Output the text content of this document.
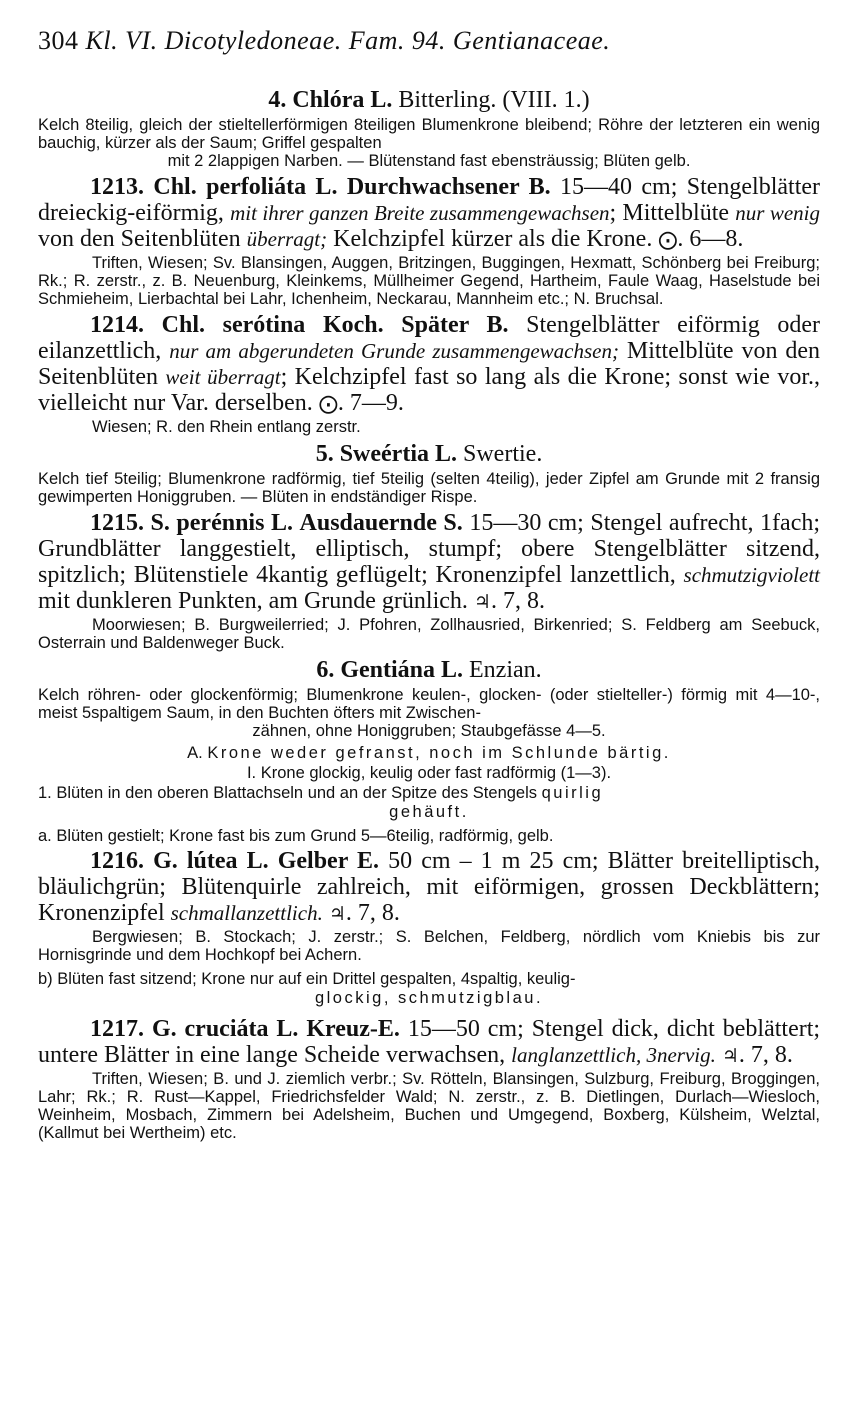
304 Kl. VI. Dicotyledoneae. Fam. 94. Gentianaceae.
4. Chlóra L. Bitterling. (VIII. 1.)
Kelch 8teilig, gleich der stieltellerförmigen 8teiligen Blumenkrone bleibend; Röhre der letzteren ein wenig bauchig, kürzer als der Saum; Griffel gespalten
mit 2 2lappigen Narben. — Blütenstand fast ebensträussig; Blüten gelb.
1213. Chl. perfoliáta L. Durchwachsener B. 15—40 cm; Stengelblätter dreieckig-eiförmig, mit ihrer ganzen Breite zusammengewachsen; Mittelblüte nur wenig von den Seitenblüten überragt; Kelchzipfel kürzer als die Krone. ⨀. 6—8.
Triften, Wiesen; Sv. Blansingen, Auggen, Britzingen, Buggingen, Hexmatt, Schönberg bei Freiburg; Rk.; R. zerstr., z. B. Neuenburg, Kleinkems, Müllheimer Gegend, Hartheim, Faule Waag, Haselstude bei Schmieheim, Lierbachtal bei Lahr, Ichenheim, Neckarau, Mannheim etc.; N. Bruchsal.
1214. Chl. serótina Koch. Später B. Stengelblätter eiförmig oder eilanzettlich, nur am abgerundeten Grunde zusammengewachsen; Mittelblüte von den Seitenblüten weit überragt; Kelchzipfel fast so lang als die Krone; sonst wie vor., vielleicht nur Var. derselben. ⨀. 7—9.
Wiesen; R. den Rhein entlang zerstr.
5. Sweértia L. Swertie.
Kelch tief 5teilig; Blumenkrone radförmig, tief 5teilig (selten 4teilig), jeder Zipfel am Grunde mit 2 fransig gewimperten Honiggruben. — Blüten in endständiger Rispe.
1215. S. perénnis L. Ausdauernde S. 15—30 cm; Stengel aufrecht, 1fach; Grundblätter langgestielt, elliptisch, stumpf; obere Stengelblätter sitzend, spitzlich; Blütenstiele 4kantig geflügelt; Kronenzipfel lanzettlich, schmutzigviolett mit dunkleren Punkten, am Grunde grünlich. ♃. 7, 8.
Moorwiesen; B. Burgweilerried; J. Pfohren, Zollhausried, Birkenried; S. Feldberg am Seebuck, Osterrain und Baldenweger Buck.
6. Gentiána L. Enzian.
Kelch röhren- oder glockenförmig; Blumenkrone keulen-, glocken- (oder stielteller-) förmig mit 4—10-, meist 5spaltigem Saum, in den Buchten öfters mit Zwischen-
zähnen, ohne Honiggruben; Staubgefässe 4—5.
A. Krone weder gefranst, noch im Schlunde bärtig.
I. Krone glockig, keulig oder fast radförmig (1—3).
1. Blüten in den oberen Blattachseln und an der Spitze des Stengels quirlig
gehäuft.
a. Blüten gestielt; Krone fast bis zum Grund 5—6teilig, radförmig, gelb.
1216. G. lútea L. Gelber E. 50 cm – 1 m 25 cm; Blätter breitelliptisch, bläulichgrün; Blütenquirle zahlreich, mit eiförmigen, grossen Deckblättern; Kronenzipfel schmallanzettlich. ♃. 7, 8.
Bergwiesen; B. Stockach; J. zerstr.; S. Belchen, Feldberg, nördlich vom Kniebis bis zur Hornisgrinde und dem Hochkopf bei Achern.
b) Blüten fast sitzend; Krone nur auf ein Drittel gespalten, 4spaltig, keulig-
glockig, schmutzigblau.
1217. G. cruciáta L. Kreuz-E. 15—50 cm; Stengel dick, dicht beblättert; untere Blätter in eine lange Scheide verwachsen, langlanzettlich, 3nervig. ♃. 7, 8.
Triften, Wiesen; B. und J. ziemlich verbr.; Sv. Rötteln, Blansingen, Sulzburg, Freiburg, Broggingen, Lahr; Rk.; R. Rust—Kappel, Friedrichsfelder Wald; N. zerstr., z. B. Dietlingen, Durlach—Wiesloch, Weinheim, Mosbach, Zimmern bei Adelsheim, Buchen und Umgegend, Boxberg, Külsheim, Welztal, (Kallmut bei Wertheim) etc.
